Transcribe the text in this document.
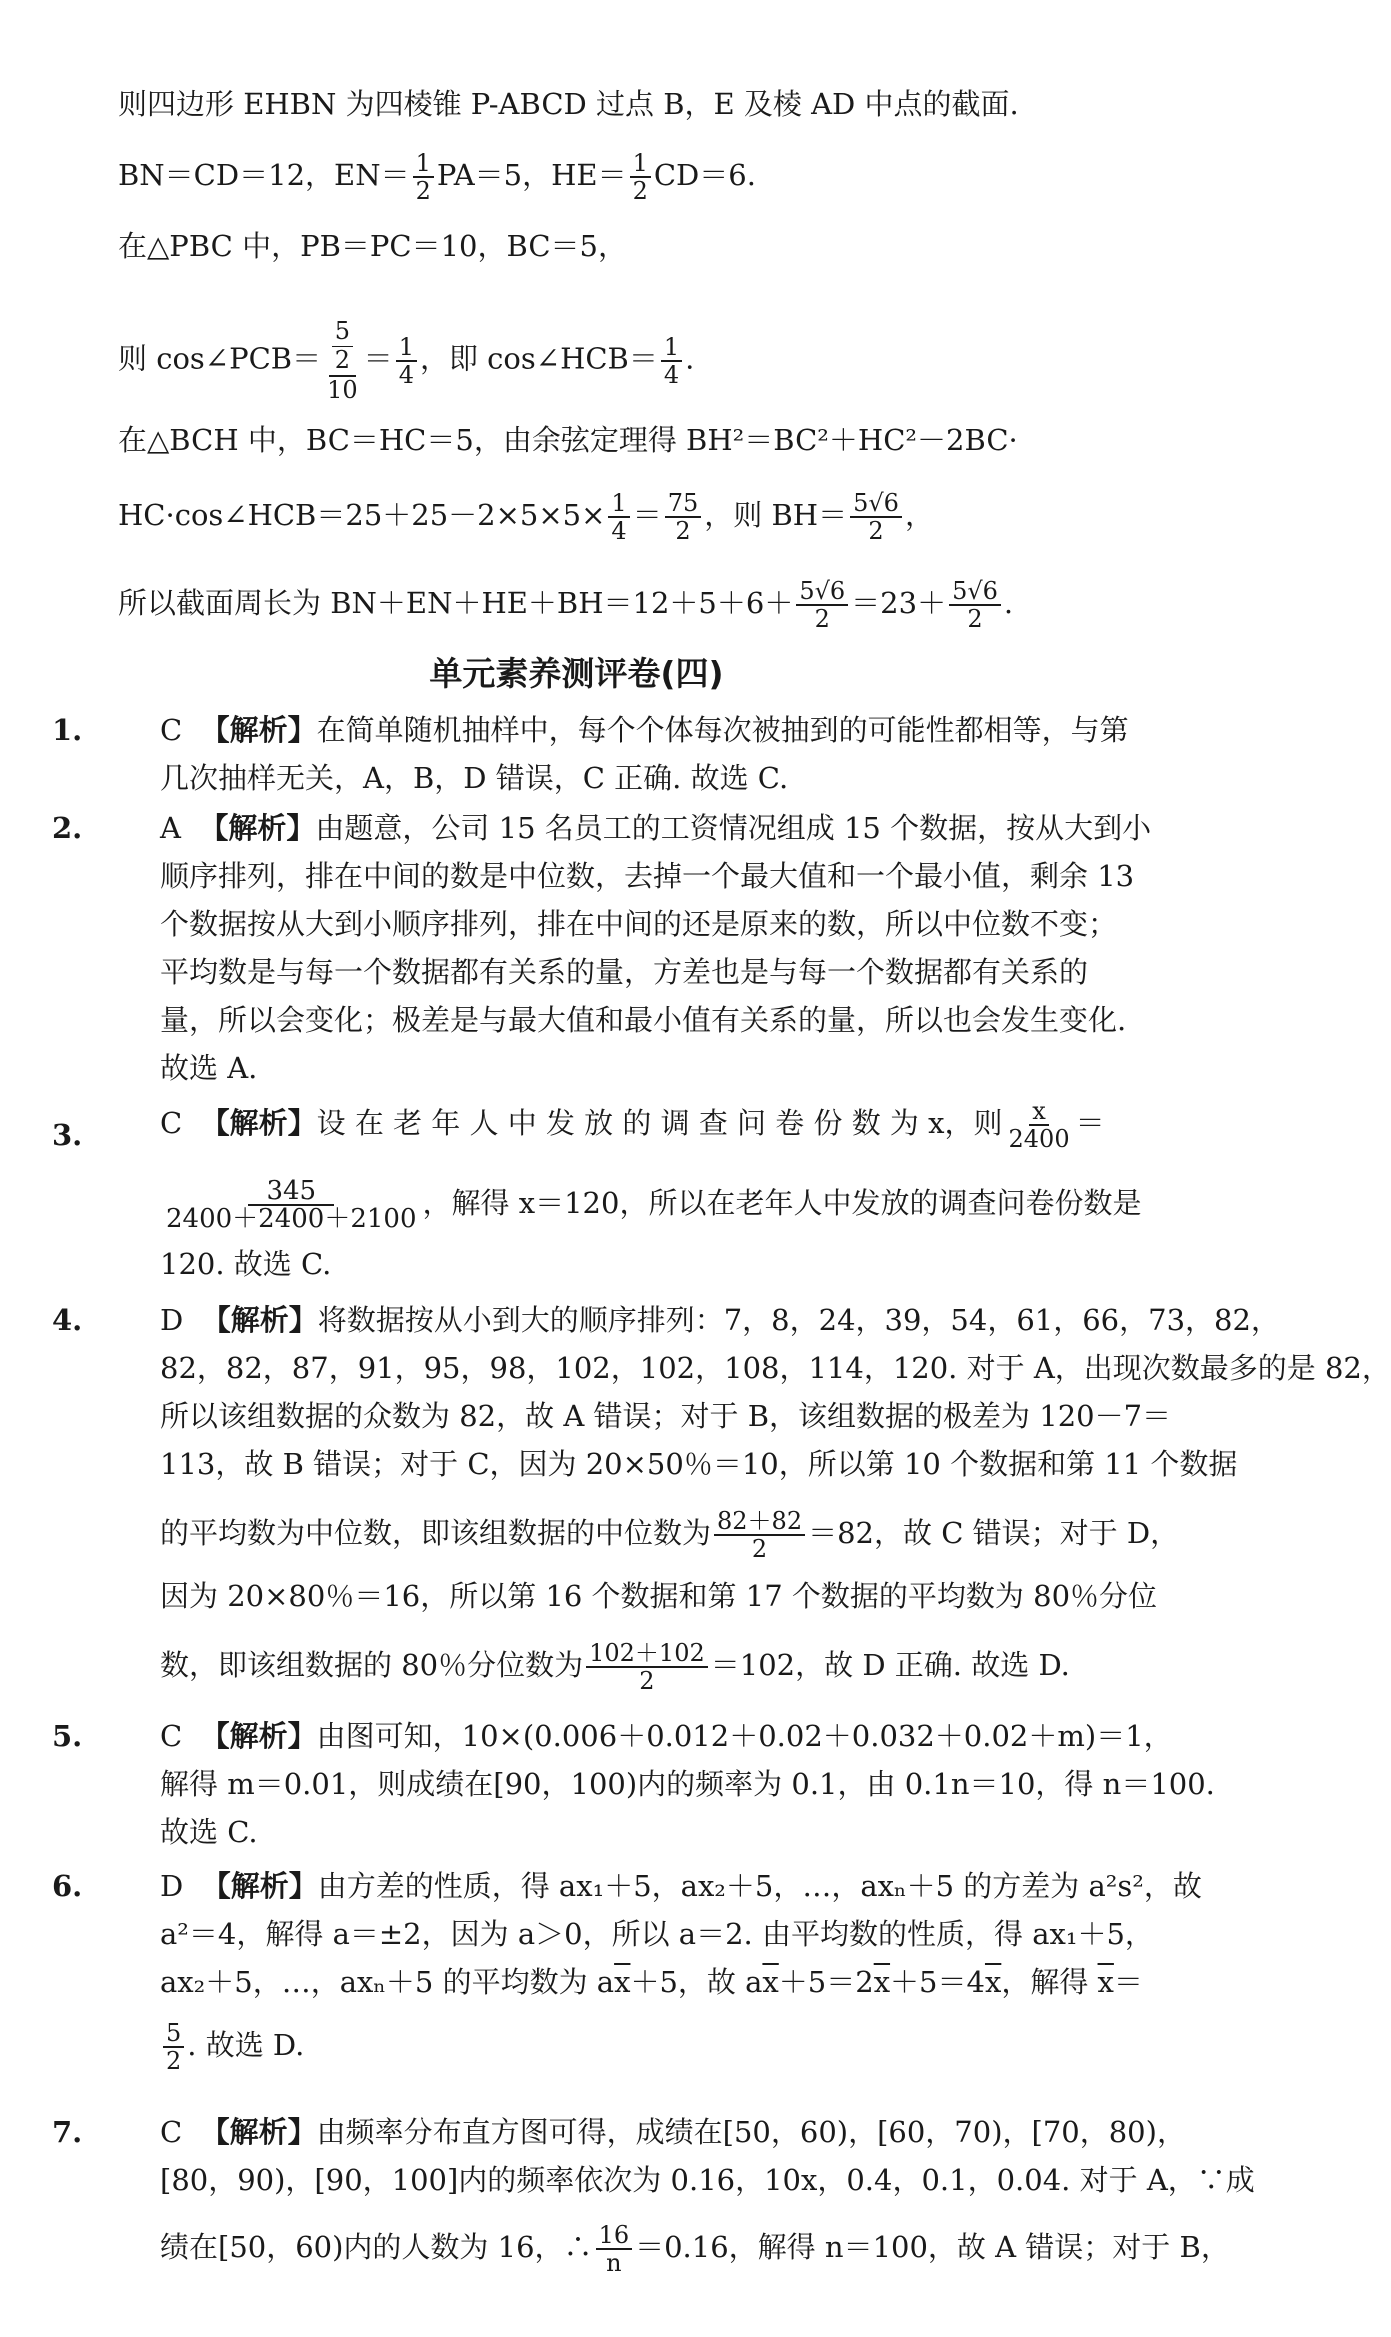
则四边形 EHBN 为四棱锥 P-ABCD 过点 B，E 及棱 AD 中点的截面.
BN＝CD＝12，$EN= \frac{1}{2} PA=5$，$HE= \frac{1}{2} CD=6$.
在△PBC 中，PB＝PC＝10，BC＝5，
则 cos∠PCB＝ $\frac{\frac{5}{2}}{10} = \frac{1}{4}$ ，即 cos∠HCB＝ $\frac{1}{4}$ .
在△BCH 中，BC＝HC＝5，由余弦定理得 BH²＝BC²＋HC²－2BC·
HC·cos∠HCB＝25＋25－2×5×5× $\frac{1}{4} = \frac{75}{2}$ ，则 $BH= \frac{5√6}{2}$ ，
所以截面周长为 $BN+EN+HE+BH=12+5+6+ \frac{5√6}{2} =23+ \frac{5√6}{2}$ .
单元素养测评卷(四)
1.	C 【解析】在简单随机抽样中，每个个体每次被抽到的可能性都相等，与第
几次抽样无关，A，B，D 错误，C 正确. 故选 C.
2.	A 【解析】由题意，公司 15 名员工的工资情况组成 15 个数据，按从大到小
顺序排列，排在中间的数是中位数，去掉一个最大值和一个最小值，剩余 13
个数据按从大到小顺序排列，排在中间的还是原来的数，所以中位数不变；
平均数是与每一个数据都有关系的量，方差也是与每一个数据都有关系的
量，所以会变化；极差是与最大值和最小值有关系的量，所以也会发生变化.
故选 A.
3.	C 【解析】设 在 老 年 人 中 发 放 的 调 查 问 卷 份 数 为 x，则 $\frac{x}{2400}$ ＝
$\frac{345}{2400+2400+2100}$ ，解得 x＝120，所以在老年人中发放的调查问卷份数是
120. 故选 C.
4.	D 【解析】将数据按从小到大的顺序排列：7，8，24，39，54，61，66，73，82，
82，82，87，91，95，98，102，102，108，114，120. 对于 A，出现次数最多的是 82，
所以该组数据的众数为 82，故 A 错误；对于 B，该组数据的极差为 120－7＝
113，故 B 错误；对于 C，因为 20×50％＝10，所以第 10 个数据和第 11 个数据
的平均数为中位数，即该组数据的中位数为 $\frac{82+82}{2} =82$，故 C 错误；对于 D，
因为 20×80％＝16，所以第 16 个数据和第 17 个数据的平均数为 80％分位
数，即该组数据的 80％分位数为 $\frac{102+102}{2} =102$，故 D 正确. 故选 D.
5.	C 【解析】由图可知，10×(0.006＋0.012＋0.02＋0.032＋0.02＋m)＝1，
解得 m＝0.01，则成绩在[90，100)内的频率为 0.1，由 0.1n＝10，得 n＝100.
故选 C.
6.	D 【解析】由方差的性质，得 ax₁＋5，ax₂＋5，…，axₙ＋5 的方差为 a²s²，故
a²＝4，解得 a＝±2，因为 a＞0，所以 a＝2. 由平均数的性质，得 ax₁＋5，
ax₂＋5，…，axₙ＋5 的平均数为 $a\overline{x}+5$，故 $a\overline{x}+5=2\overline{x}+5=4\overline{x}$，解得 $\overline{x}=$
$\frac{5}{2}$ . 故选 D.
7.	C 【解析】由频率分布直方图可得，成绩在[50，60)，[60，70)，[70，80)，
[80，90)，[90，100]内的频率依次为 0.16，10x，0.4，0.1，0.04. 对于 A，∵成
绩在[50，60)内的人数为 16，∴ $\frac{16}{n} =0.16$，解得 n＝100，故 A 错误；对于 B，
